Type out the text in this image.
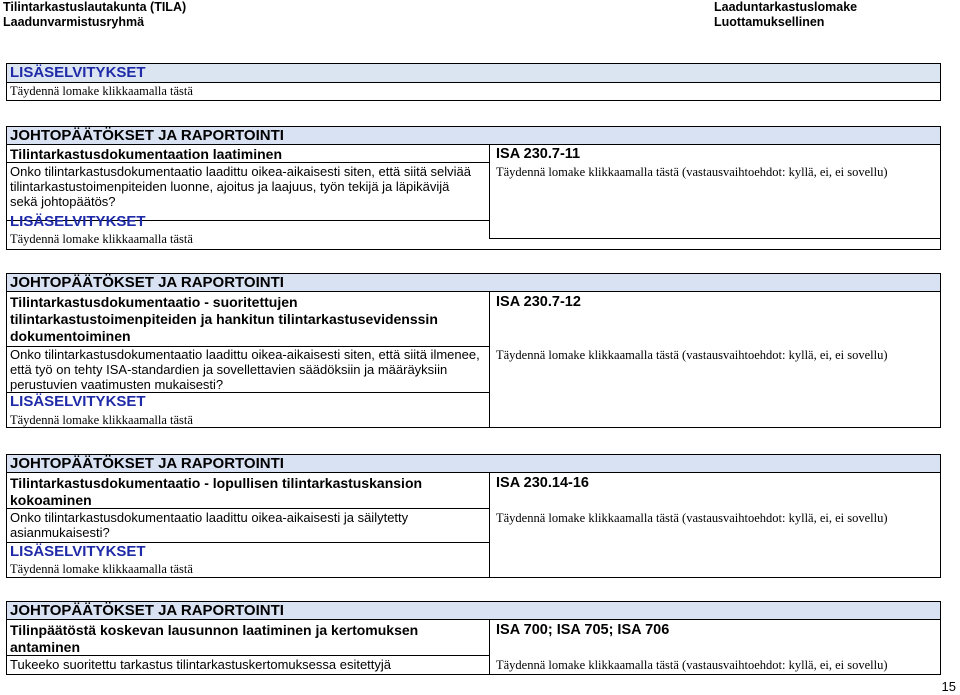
Tilintarkastuslautakunta (TILA)
Laadunvarmistusryhmä
Laaduntarkastuslomake
Luottamuksellinen
LISÄSELVITYKSET
Täydennä lomake klikkaamalla tästä
JOHTOPÄÄTÖKSET JA RAPORTOINTI
Tilintarkastusdokumentaation laatiminen	ISA 230.7-11
Onko tilintarkastusdokumentaatio laadittu oikea-aikaisesti siten, että siitä selviää tilintarkastustoimenpiteiden luonne, ajoitus ja laajuus, työn tekijä ja läpikävijä sekä johtopäätös?
Täydennä lomake klikkaamalla tästä (vastausvaihtoehdot: kyllä, ei, ei sovellu)
LISÄSELVITYKSET
Täydennä lomake klikkaamalla tästä
JOHTOPÄÄTÖKSET JA RAPORTOINTI
Tilintarkastusdokumentaatio - suoritettujen tilintarkastustoimenpiteiden ja hankitun tilintarkastusevidenssin dokumentoiminen
ISA 230.7-12
Onko tilintarkastusdokumentaatio laadittu oikea-aikaisesti siten, että siitä ilmenee, että työ on tehty ISA-standardien ja sovellettavien säädöksiin ja määräyksiin perustuvien vaatimusten mukaisesti?
Täydennä lomake klikkaamalla tästä (vastausvaihtoehdot: kyllä, ei, ei sovellu)
LISÄSELVITYKSET
Täydennä lomake klikkaamalla tästä
JOHTOPÄÄTÖKSET JA RAPORTOINTI
Tilintarkastusdokumentaatio - lopullisen tilintarkastuskansion kokoaminen
ISA 230.14-16
Onko tilintarkastusdokumentaatio laadittu oikea-aikaisesti ja säilytetty asianmukaisesti?
Täydennä lomake klikkaamalla tästä (vastausvaihtoehdot: kyllä, ei, ei sovellu)
LISÄSELVITYKSET
Täydennä lomake klikkaamalla tästä
JOHTOPÄÄTÖKSET JA RAPORTOINTI
Tilinpäätöstä koskevan lausunnon laatiminen ja kertomuksen antaminen
ISA 700; ISA 705; ISA 706
Tukeeko suoritettu tarkastus tilintarkastuskertomuksessa esitettyjä	Täydennä lomake klikkaamalla tästä (vastausvaihtoehdot: kyllä, ei, ei sovellu)
15
